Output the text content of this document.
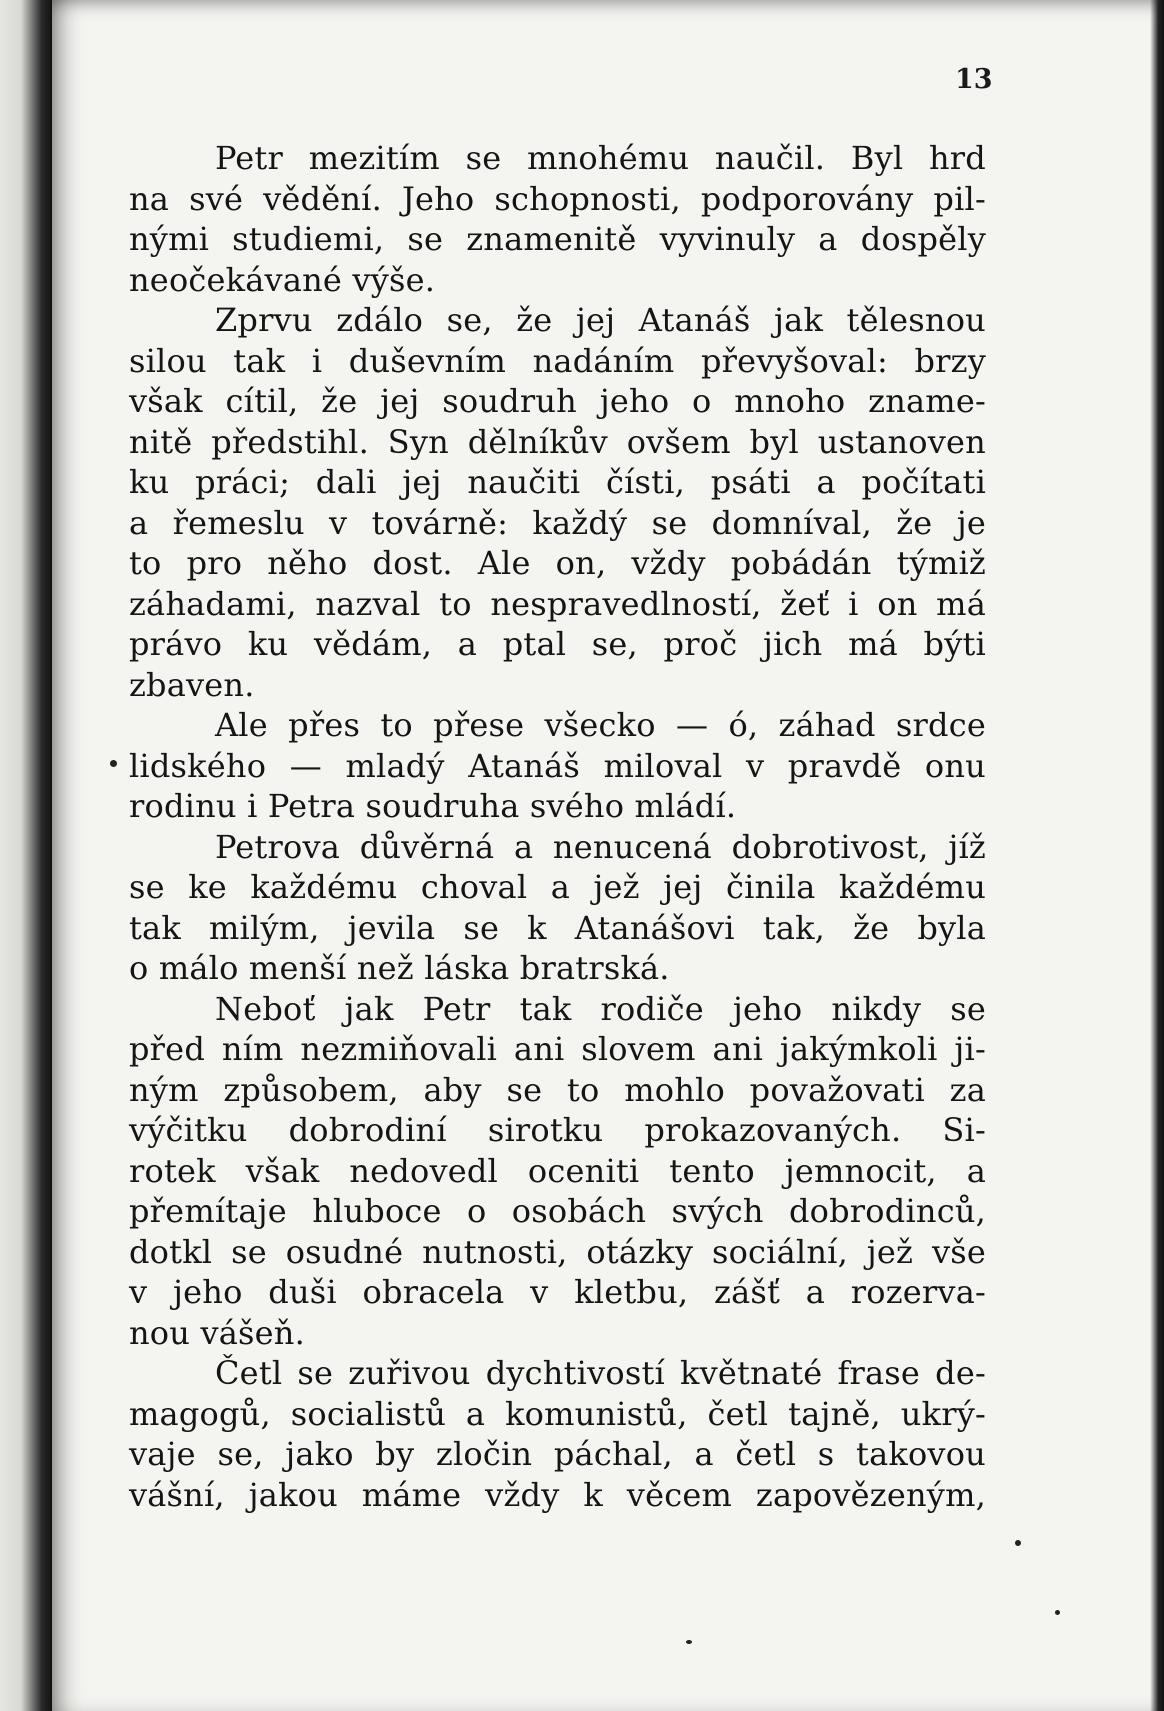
13
Petr mezitím se mnohému naučil. Byl hrd
na své vědění. Jeho schopnosti, podporovány pil-
nými studiemi, se znamenitě vyvinuly a dospěly
neočekávané výše.
Zprvu zdálo se, že jej Atanáš jak tělesnou
silou tak i duševním nadáním převyšoval: brzy
však cítil, že jej soudruh jeho o mnoho zname-
nitě předstihl. Syn dělníkův ovšem byl ustanoven
ku práci; dali jej naučiti čísti, psáti a počítati
a řemeslu v továrně: každý se domníval, že je
to pro něho dost. Ale on, vždy pobádán týmiž
záhadami, nazval to nespravedlností, žeť i on má
právo ku vědám, a ptal se, proč jich má býti
zbaven.
Ale přes to přese všecko — ó, záhad srdce
lidského — mladý Atanáš miloval v pravdě onu
rodinu i Petra soudruha svého mládí.
Petrova důvěrná a nenucená dobrotivost, jíž
se ke každému choval a jež jej činila každému
tak milým, jevila se k Atanášovi tak, že byla
o málo menší než láska bratrská.
Neboť jak Petr tak rodiče jeho nikdy se
před ním nezmiňovali ani slovem ani jakýmkoli ji-
ným způsobem, aby se to mohlo považovati za
výčitku dobrodiní sirotku prokazovaných. Si-
rotek však nedovedl oceniti tento jemnocit, a
přemítaje hluboce o osobách svých dobrodinců,
dotkl se osudné nutnosti, otázky sociální, jež vše
v jeho duši obracela v kletbu, zášť a rozerva-
nou vášeň.
Četl se zuřivou dychtivostí květnaté frase de-
magogů, socialistů a komunistů, četl tajně, ukrý-
vaje se, jako by zločin páchal, a četl s takovou
vášní, jakou máme vždy k věcem zapovězeným,
